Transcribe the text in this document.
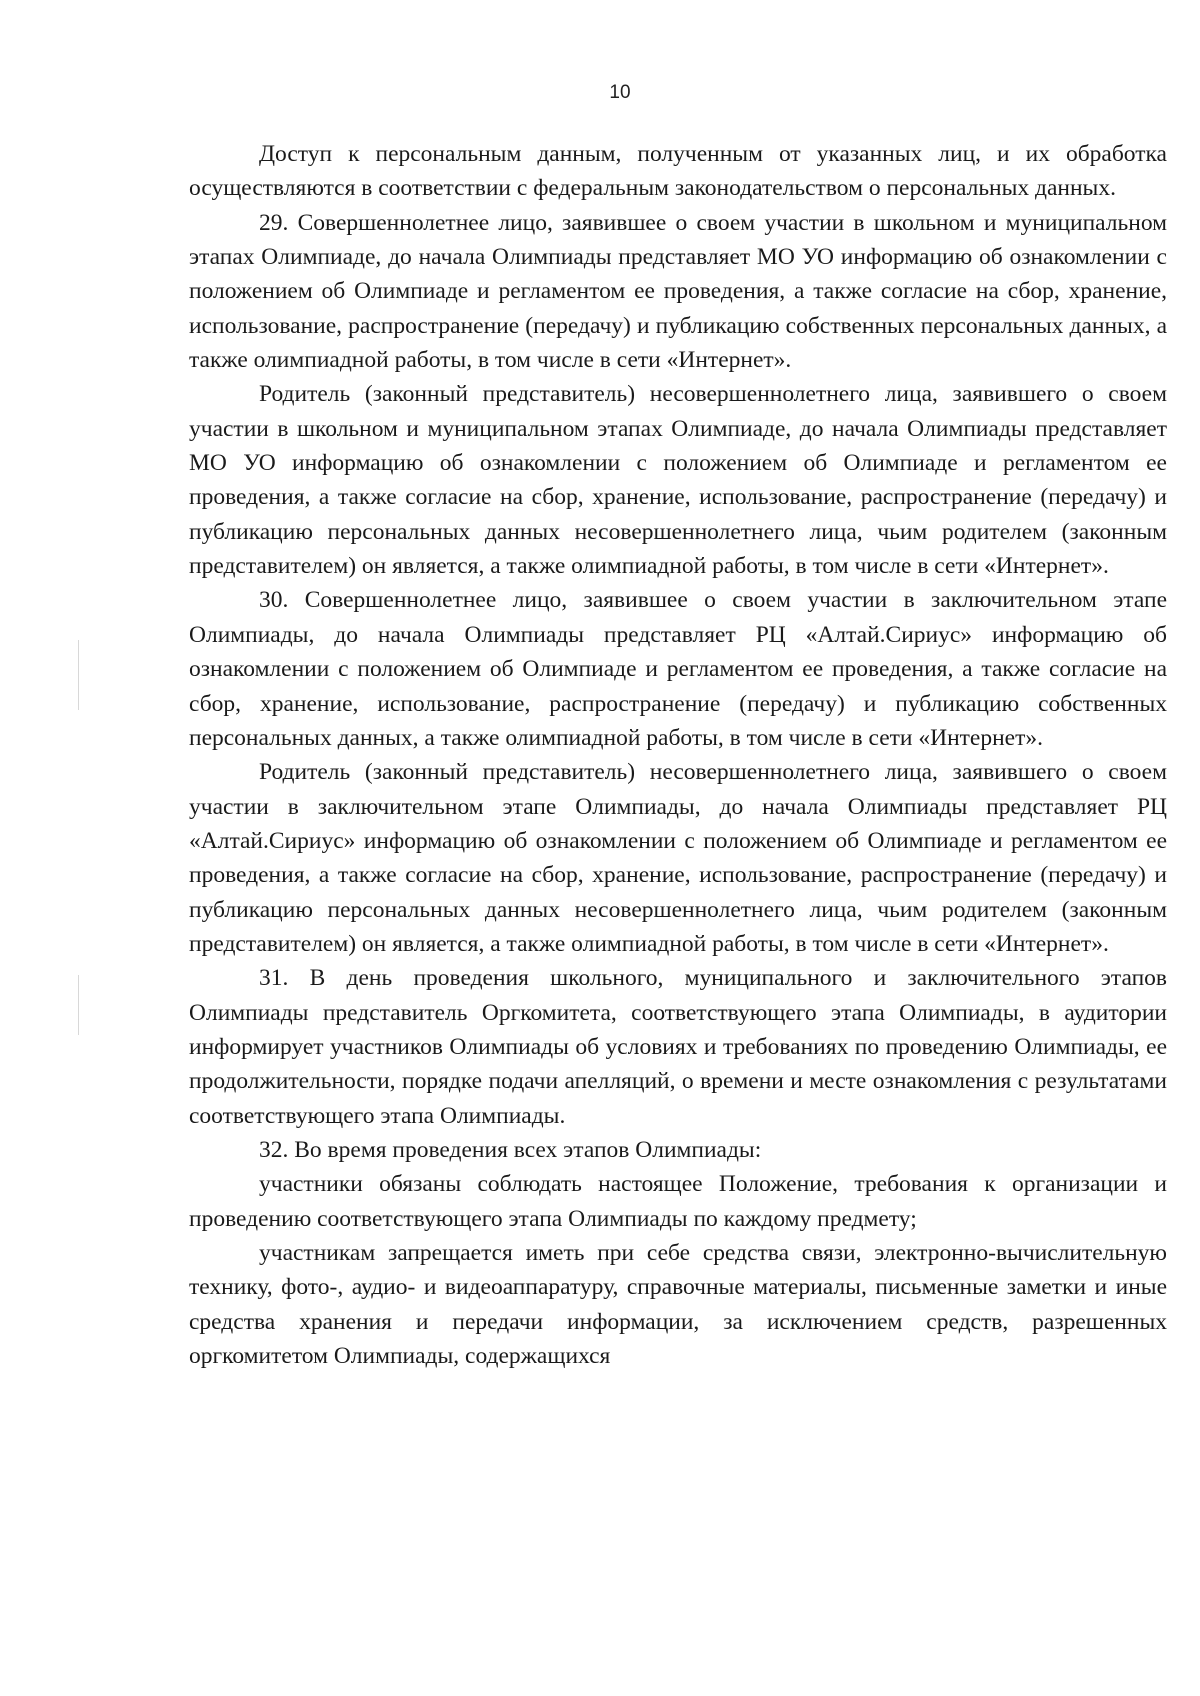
10

Доступ к персональным данным, полученным от указанных лиц, и их обработка осуществляются в соответствии с федеральным законодательством о персональных данных.

29. Совершеннолетнее лицо, заявившее о своем участии в школьном и муниципальном этапах Олимпиаде, до начала Олимпиады представляет МО УО информацию об ознакомлении с положением об Олимпиаде и регламентом ее проведения, а также согласие на сбор, хранение, использование, распространение (передачу) и публикацию собственных персональных данных, а также олимпиадной работы, в том числе в сети «Интернет».

Родитель (законный представитель) несовершеннолетнего лица, заявившего о своем участии в школьном и муниципальном этапах Олимпиаде, до начала Олимпиады представляет МО УО информацию об ознакомлении с положением об Олимпиаде и регламентом ее проведения, а также согласие на сбор, хранение, использование, распространение (передачу) и публикацию персональных данных несовершеннолетнего лица, чьим родителем (законным представителем) он является, а также олимпиадной работы, в том числе в сети «Интернет».

30. Совершеннолетнее лицо, заявившее о своем участии в заключительном этапе Олимпиады, до начала Олимпиады представляет РЦ «Алтай.Сириус» информацию об ознакомлении с положением об Олимпиаде и регламентом ее проведения, а также согласие на сбор, хранение, использование, распространение (передачу) и публикацию собственных персональных данных, а также олимпиадной работы, в том числе в сети «Интернет».

Родитель (законный представитель) несовершеннолетнего лица, заявившего о своем участии в заключительном этапе Олимпиады, до начала Олимпиады представляет РЦ «Алтай.Сириус» информацию об ознакомлении с положением об Олимпиаде и регламентом ее проведения, а также согласие на сбор, хранение, использование, распространение (передачу) и публикацию персональных данных несовершеннолетнего лица, чьим родителем (законным представителем) он является, а также олимпиадной работы, в том числе в сети «Интернет».

31. В день проведения школьного, муниципального и заключительного этапов Олимпиады представитель Оргкомитета, соответствующего этапа Олимпиады, в аудитории информирует участников Олимпиады об условиях и требованиях по проведению Олимпиады, ее продолжительности, порядке подачи апелляций, о времени и месте ознакомления с результатами соответствующего этапа Олимпиады.

32. Во время проведения всех этапов Олимпиады:

участники обязаны соблюдать настоящее Положение, требования к организации и проведению соответствующего этапа Олимпиады по каждому предмету;

участникам запрещается иметь при себе средства связи, электронно-вычислительную технику, фото-, аудио- и видеоаппаратуру, справочные материалы, письменные заметки и иные средства хранения и передачи информации, за исключением средств, разрешенных оргкомитетом Олимпиады, содержащихся
